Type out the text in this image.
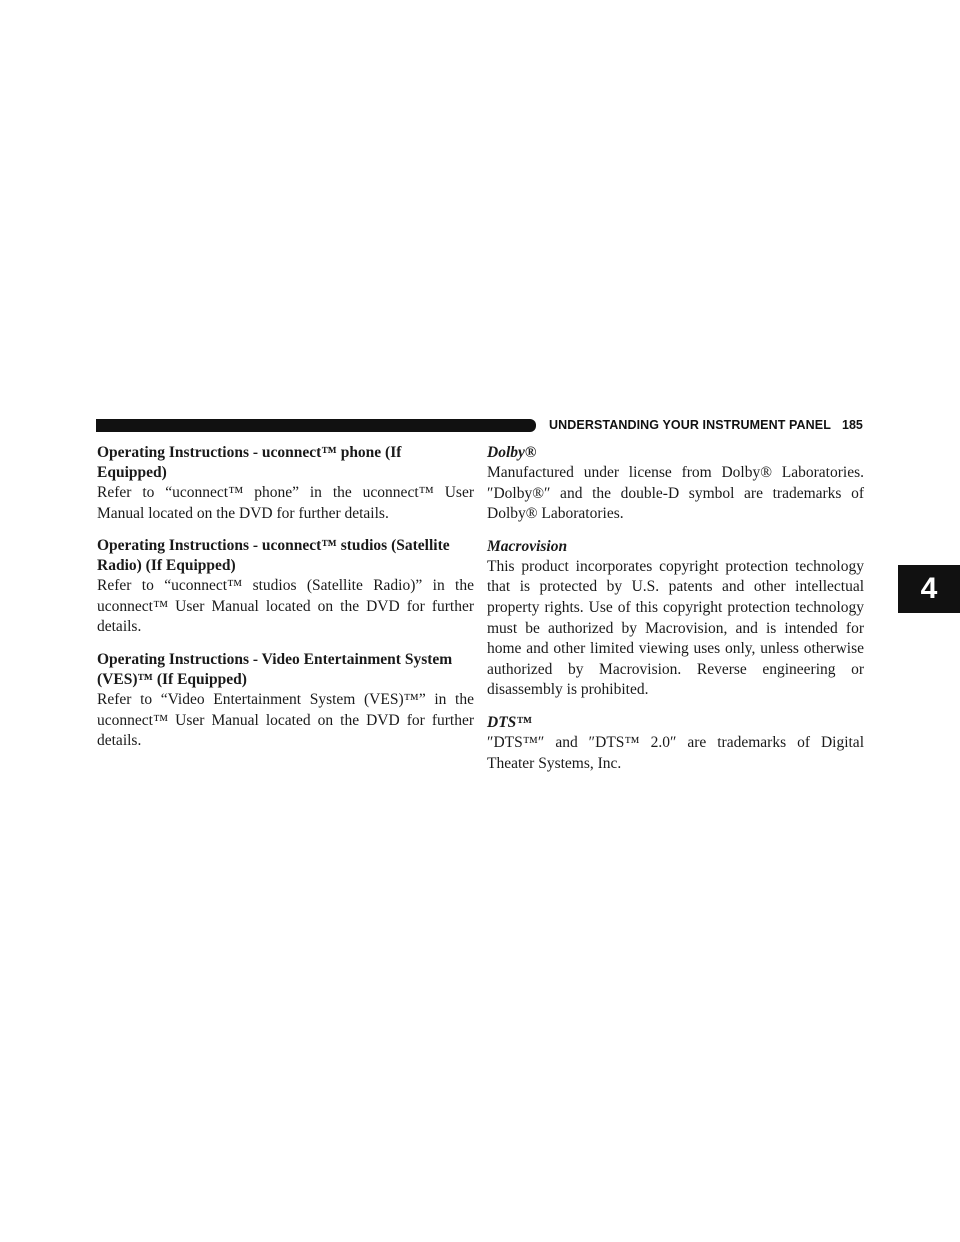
UNDERSTANDING YOUR INSTRUMENT PANEL 185

Operating Instructions - uconnect™ phone (If Equipped)

Refer to “uconnect™ phone” in the uconnect™ User Manual located on the DVD for further details.

Operating Instructions - uconnect™ studios (Satellite Radio) (If Equipped)

Refer to “uconnect™ studios (Satellite Radio)” in the uconnect™ User Manual located on the DVD for further details.

Operating Instructions - Video Entertainment System (VES)™ (If Equipped)

Refer to “Video Entertainment System (VES)™” in the uconnect™ User Manual located on the DVD for further details.

Dolby®

Manufactured under license from Dolby® Laboratories. ″Dolby®″ and the double-D symbol are trademarks of Dolby® Laboratories.

Macrovision

This product incorporates copyright protection technology that is protected by U.S. patents and other intellectual property rights. Use of this copyright protection technology must be authorized by Macrovision, and is intended for home and other limited viewing uses only, unless otherwise authorized by Macrovision. Reverse engineering or disassembly is prohibited.

DTS™

″DTS™″ and ″DTS™ 2.0″ are trademarks of Digital Theater Systems, Inc.

4
